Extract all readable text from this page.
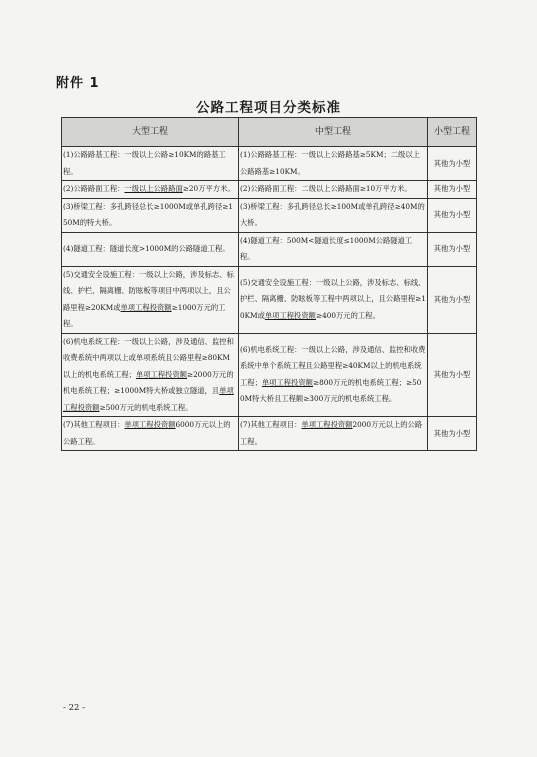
附件 1
公路工程项目分类标准
大型工程	中型工程	小型工程
(1)公路路基工程：一级以上公路≥10KM的路基工程。	(1)公路路基工程：一级以上公路路基≥5KM；二级以上公路路基≥10KM。	其他为小型
(2)公路路面工程：一级以上公路路面≥20万平方米。	(2)公路路面工程：二级以上公路路面≥10万平方米。	其他为小型
(3)桥梁工程：多孔跨径总长≥1000M或单孔跨径≥150M的特大桥。	(3)桥梁工程：多孔跨径总长≥100M或单孔跨径≥40M的大桥。	其他为小型
(4)隧道工程：隧道长度>1000M的公路隧道工程。	(4)隧道工程：500M<隧道长度≤1000M公路隧道工程。	其他为小型
(5)交通安全设施工程：一级以上公路，涉及标志、标线、护栏、隔离栅、防眩板等项目中两项以上，且公路里程≥20KM或单项工程投资额≥1000万元的工程。	(5)交通安全设施工程：一级以上公路，涉及标志、标线、护栏、隔离栅、防眩板等工程中两项以上，且公路里程≥10KM或单项工程投资额≥400万元的工程。	其他为小型
(6)机电系统工程：一级以上公路，涉及通信、监控和收费系统中两项以上或单项系统且公路里程≥80KM以上的机电系统工程；单项工程投资额≥2000万元的机电系统工程；≥1000M特大桥或独立隧道，且单项工程投资额≥500万元的机电系统工程。	(6)机电系统工程：一级以上公路，涉及通信、监控和收费系统中单个系统工程且公路里程≥40KM以上的机电系统工程；单项工程投资额≥800万元的机电系统工程；≥500M特大桥且工程额≥300万元的机电系统工程。	其他为小型
(7)其他工程项目：单项工程投资额6000万元以上的公路工程。	(7)其他工程项目：单项工程投资额2000万元以上的公路工程。	其他为小型
- 22 -
